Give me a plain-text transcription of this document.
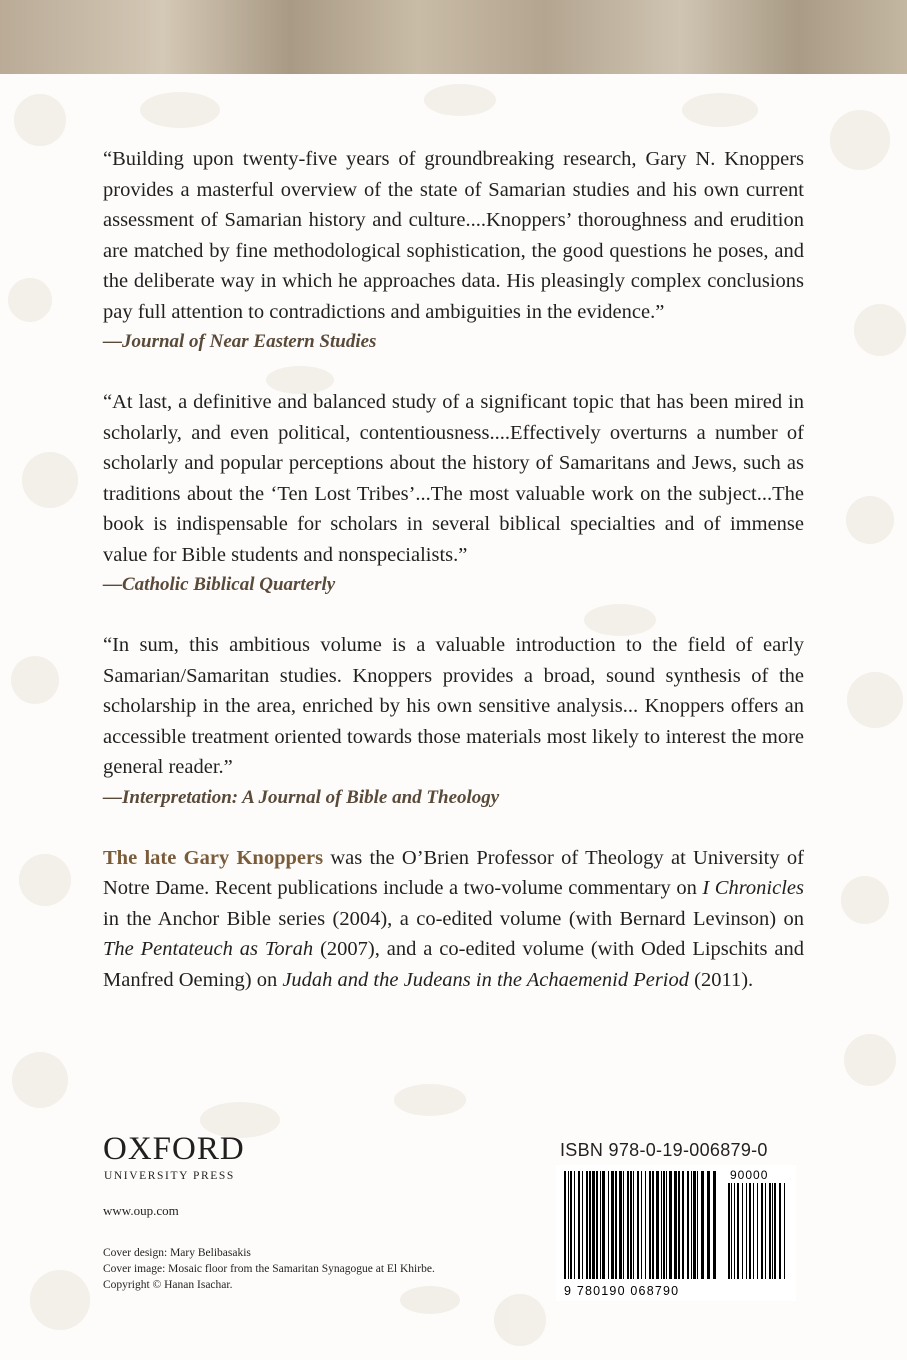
“Building upon twenty-five years of groundbreaking research, Gary N. Knoppers provides a masterful overview of the state of Samarian studies and his own current assessment of Samarian history and culture....Knoppers’ thoroughness and erudition are matched by fine methodological sophistication, the good questions he poses, and the deliberate way in which he approaches data. His pleasingly complex conclusions pay full attention to contradictions and ambiguities in the evidence.”

—Journal of Near Eastern Studies

“At last, a definitive and balanced study of a significant topic that has been mired in scholarly, and even political, contentiousness....Effectively overturns a number of scholarly and popular perceptions about the history of Samaritans and Jews, such as traditions about the ‘Ten Lost Tribes’...The most valuable work on the subject...The book is indispensable for scholars in several biblical specialties and of immense value for Bible students and nonspecialists.”

—Catholic Biblical Quarterly

“In sum, this ambitious volume is a valuable introduction to the field of early Samarian/Samaritan studies. Knoppers provides a broad, sound synthesis of the scholarship in the area, enriched by his own sensitive analysis... Knoppers offers an accessible treatment oriented towards those materials most likely to interest the more general reader.”

—Interpretation: A Journal of Bible and Theology

The late Gary Knoppers was the O’Brien Professor of Theology at University of Notre Dame. Recent publications include a two-volume commentary on I Chronicles in the Anchor Bible series (2004), a co-edited volume (with Bernard Levinson) on The Pentateuch as Torah (2007), and a co-edited volume (with Oded Lipschits and Manfred Oeming) on Judah and the Judeans in the Achaemenid Period (2011).

OXFORD

UNIVERSITY PRESS

www.oup.com

Cover design: Mary Belibasakis

Cover image: Mosaic floor from the Samaritan Synagogue at El Khirbe.

Copyright © Hanan Isachar.

ISBN 978-0-19-006879-0

90000
9 780190 068790
